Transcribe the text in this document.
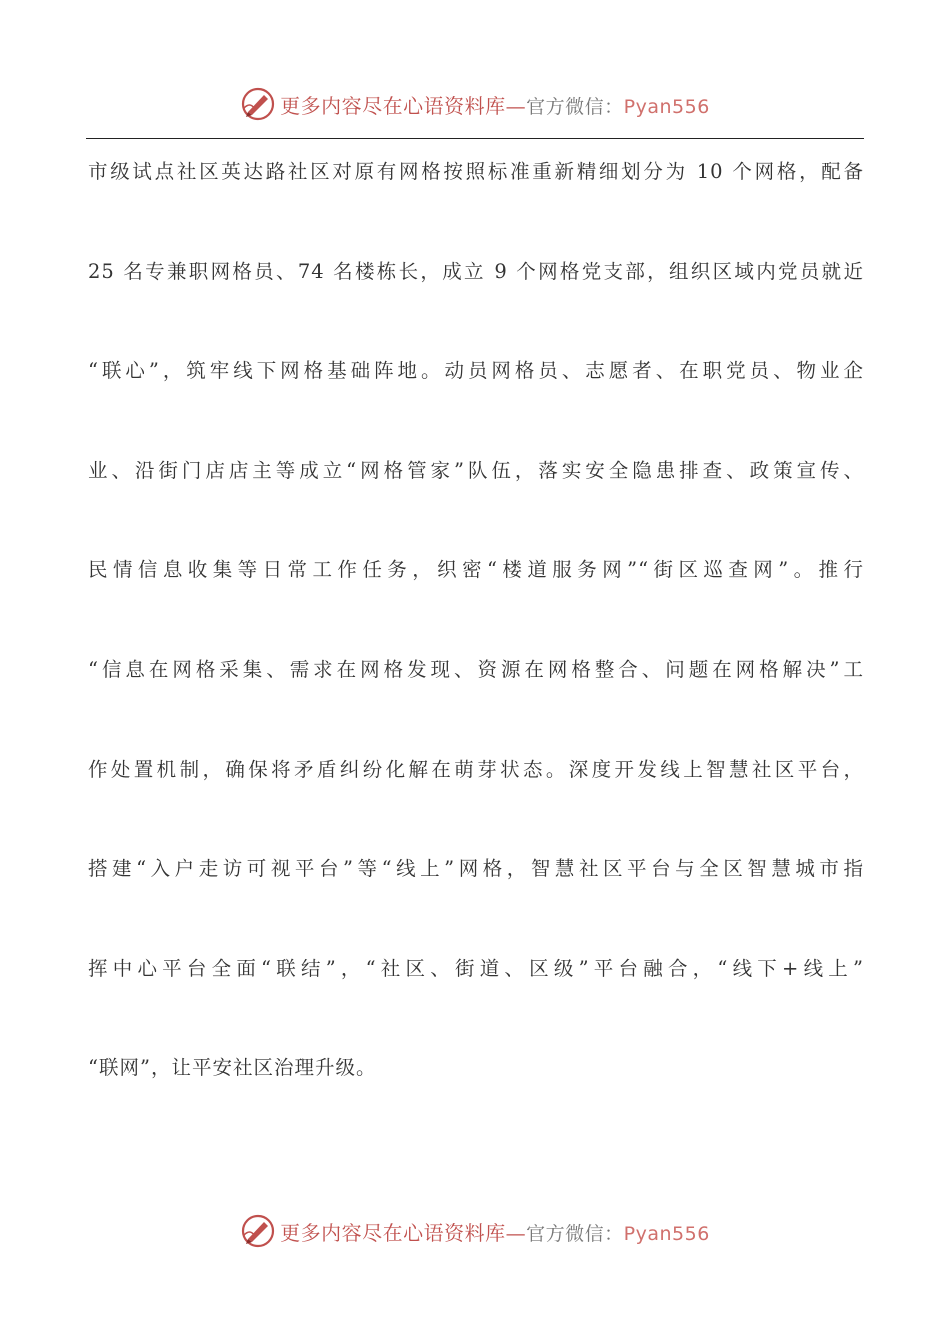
更多内容尽在心语资料库—官方微信：Pyan556
市级试点社区英达路社区对原有网格按照标准重新精细划分为 10 个网格，配备
25 名专兼职网格员、74 名楼栋长，成立 9 个网格党支部，组织区域内党员就近
“联心”，筑牢线下网格基础阵地。动员网格员、志愿者、在职党员、物业企
业、沿街门店店主等成立“网格管家”队伍，落实安全隐患排查、政策宣传、
民情信息收集等日常工作任务，织密“楼道服务网”“街区巡查网”。推行
“信息在网格采集、需求在网格发现、资源在网格整合、问题在网格解决”工
作处置机制，确保将矛盾纠纷化解在萌芽状态。深度开发线上智慧社区平台，
搭建“入户走访可视平台”等“线上”网格，智慧社区平台与全区智慧城市指
挥中心平台全面“联结”，“社区、街道、区级”平台融合，“线下+线上”
“联网”，让平安社区治理升级。
更多内容尽在心语资料库—官方微信：Pyan556
